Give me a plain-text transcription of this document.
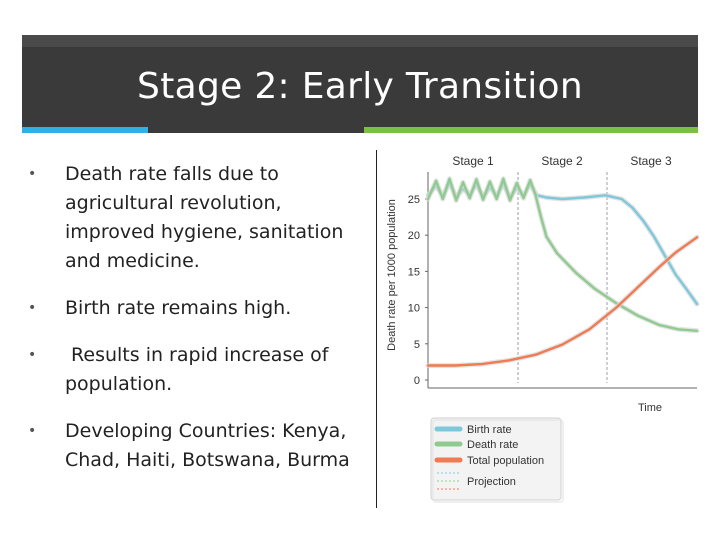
Stage 2: Early Transition
• Death rate falls due to agricultural revolution, improved hygiene, sanitation and medicine.
• Birth rate remains high.
• Results in rapid increase of population.
• Developing Countries: Kenya, Chad, Haiti, Botswana, Burma
Stage 1	Stage 2	Stage 3
0
5
10
15
20
25
Death rate per 1000 population
Time
Birth rate
Death rate
Total population
Projection
